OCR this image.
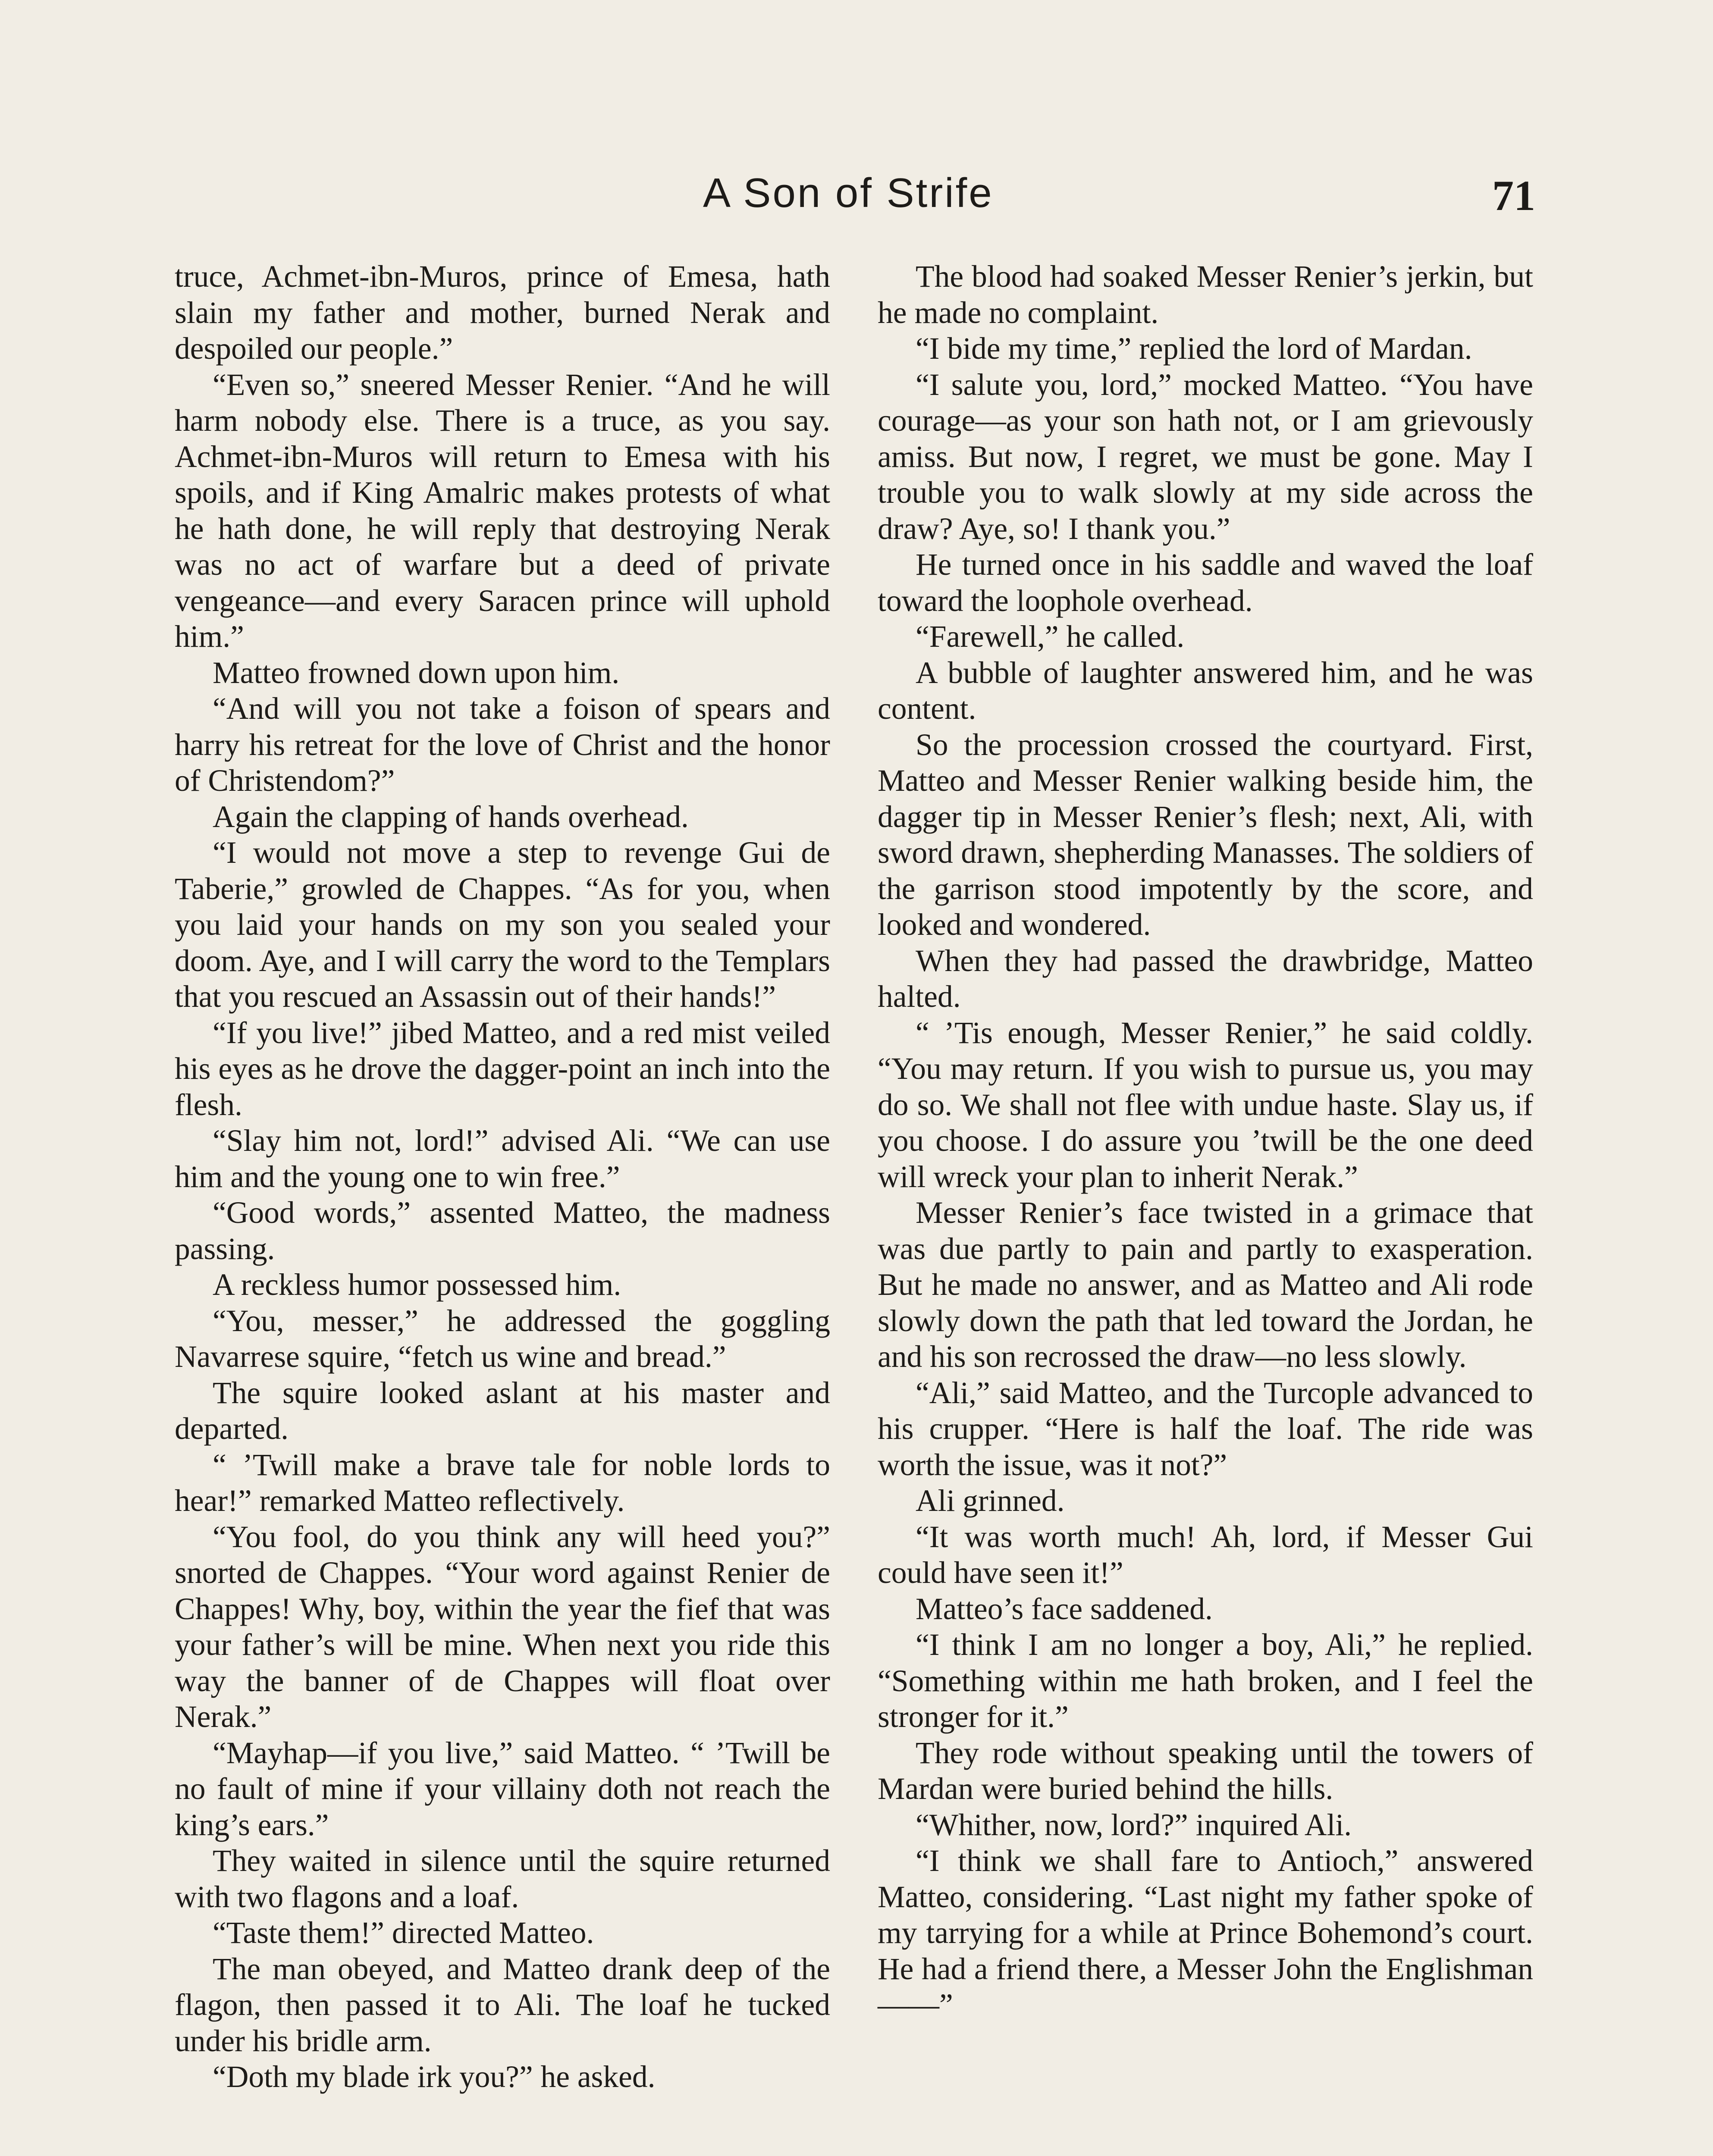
A Son of Strife	71

truce, Achmet-ibn-Muros, prince of Emesa, hath slain my father and mother, burned Nerak and despoiled our people.”

“Even so,” sneered Messer Renier. “And he will harm nobody else. There is a truce, as you say. Achmet-ibn-Muros will return to Emesa with his spoils, and if King Amalric makes protests of what he hath done, he will reply that destroying Nerak was no act of warfare but a deed of private vengeance—and every Saracen prince will uphold him.”

Matteo frowned down upon him.

“And will you not take a foison of spears and harry his retreat for the love of Christ and the honor of Christendom?”

Again the clapping of hands overhead.

“I would not move a step to revenge Gui de Taberie,” growled de Chappes. “As for you, when you laid your hands on my son you sealed your doom. Aye, and I will carry the word to the Templars that you rescued an Assassin out of their hands!”

“If you live!” jibed Matteo, and a red mist veiled his eyes as he drove the dagger-point an inch into the flesh.

“Slay him not, lord!” advised Ali. “We can use him and the young one to win free.”

“Good words,” assented Matteo, the madness passing.

A reckless humor possessed him.

“You, messer,” he addressed the goggling Navarrese squire, “fetch us wine and bread.”

The squire looked aslant at his master and departed.

“ ’Twill make a brave tale for noble lords to hear!” remarked Matteo reflectively.

“You fool, do you think any will heed you?” snorted de Chappes. “Your word against Renier de Chappes! Why, boy, within the year the fief that was your father’s will be mine. When next you ride this way the banner of de Chappes will float over Nerak.”

“Mayhap—if you live,” said Matteo. “ ’Twill be no fault of mine if your villainy doth not reach the king’s ears.”

They waited in silence until the squire returned with two flagons and a loaf.

“Taste them!” directed Matteo.

The man obeyed, and Matteo drank deep of the flagon, then passed it to Ali. The loaf he tucked under his bridle arm.

“Doth my blade irk you?” he asked.

The blood had soaked Messer Renier’s jerkin, but he made no complaint.

“I bide my time,” replied the lord of Mardan.

“I salute you, lord,” mocked Matteo. “You have courage—as your son hath not, or I am grievously amiss. But now, I regret, we must be gone. May I trouble you to walk slowly at my side across the draw? Aye, so! I thank you.”

He turned once in his saddle and waved the loaf toward the loophole overhead.

“Farewell,” he called.

A bubble of laughter answered him, and he was content.

So the procession crossed the courtyard. First, Matteo and Messer Renier walking beside him, the dagger tip in Messer Renier’s flesh; next, Ali, with sword drawn, shepherding Manasses. The soldiers of the garrison stood impotently by the score, and looked and wondered.

When they had passed the drawbridge, Matteo halted.

“ ’Tis enough, Messer Renier,” he said coldly. “You may return. If you wish to pursue us, you may do so. We shall not flee with undue haste. Slay us, if you choose. I do assure you ’twill be the one deed will wreck your plan to inherit Nerak.”

Messer Renier’s face twisted in a grimace that was due partly to pain and partly to exasperation. But he made no answer, and as Matteo and Ali rode slowly down the path that led toward the Jordan, he and his son recrossed the draw—no less slowly.

“Ali,” said Matteo, and the Turcople advanced to his crupper. “Here is half the loaf. The ride was worth the issue, was it not?”

Ali grinned.

“It was worth much! Ah, lord, if Messer Gui could have seen it!”

Matteo’s face saddened.

“I think I am no longer a boy, Ali,” he replied. “Something within me hath broken, and I feel the stronger for it.”

They rode without speaking until the towers of Mardan were buried behind the hills.

“Whither, now, lord?” inquired Ali.

“I think we shall fare to Antioch,” answered Matteo, considering. “Last night my father spoke of my tarrying for a while at Prince Bohemond’s court. He had a friend there, a Messer John the Englishman——”
